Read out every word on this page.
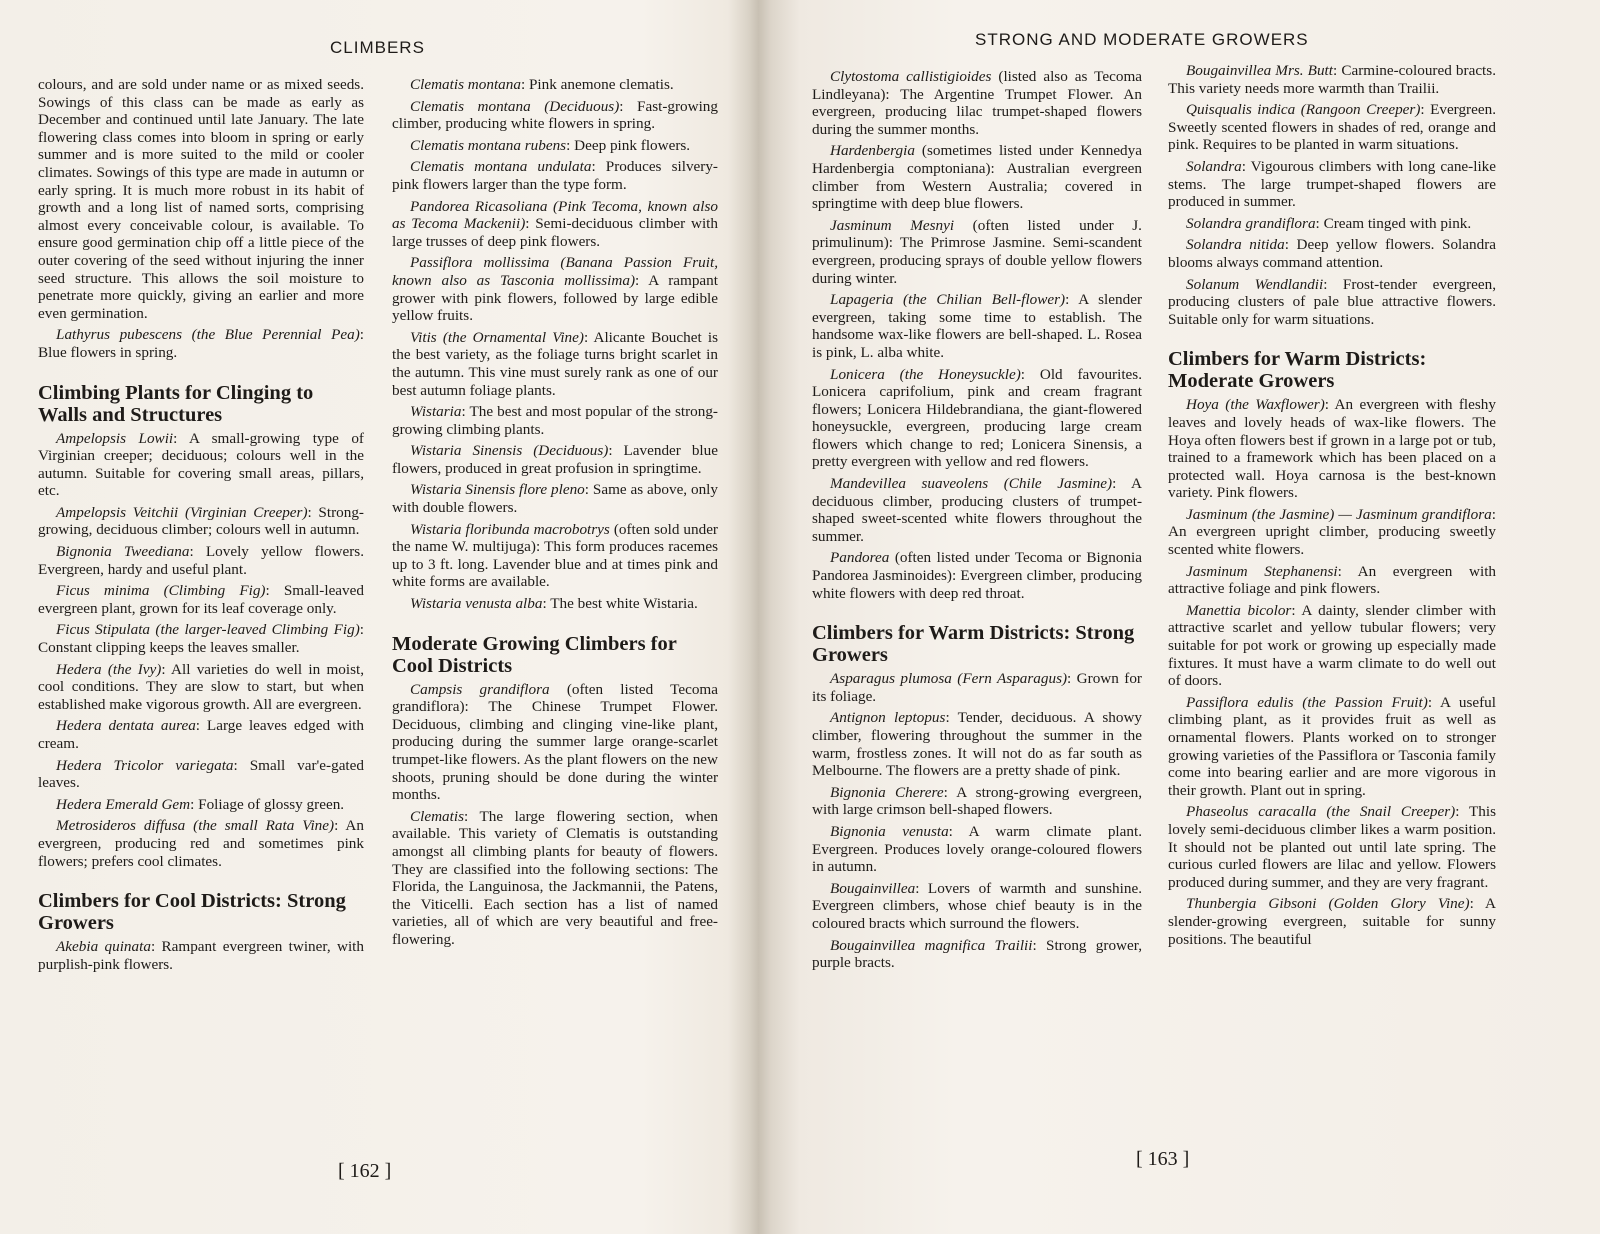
CLIMBERS	STRONG AND MODERATE GROWERS

colours, and are sold under name or as mixed seeds. Sowings of this class can be made as early as December and continued until late January. The late flowering class comes into bloom in spring or early summer and is more suited to the mild or cooler climates. Sowings of this type are made in autumn or early spring. It is much more robust in its habit of growth and a long list of named sorts, comprising almost every conceivable colour, is available. To ensure good germination chip off a little piece of the outer covering of the seed without injuring the inner seed structure. This allows the soil moisture to penetrate more quickly, giving an earlier and more even germination.

Lathyrus pubescens (the Blue Perennial Pea): Blue flowers in spring.

Climbing Plants for Clinging to Walls and Structures

Ampelopsis Lowii: A small-growing type of Virginian creeper; deciduous; colours well in the autumn. Suitable for covering small areas, pillars, etc.

Ampelopsis Veitchii (Virginian Creeper): Strong-growing, deciduous climber; colours well in autumn.

Bignonia Tweediana: Lovely yellow flowers. Evergreen, hardy and useful plant.

Ficus minima (Climbing Fig): Small-leaved evergreen plant, grown for its leaf coverage only.

Ficus Stipulata (the larger-leaved Climbing Fig): Constant clipping keeps the leaves smaller.

Hedera (the Ivy): All varieties do well in moist, cool conditions. They are slow to start, but when established make vigorous growth. All are evergreen.

Hedera dentata aurea: Large leaves edged with cream.

Hedera Tricolor variegata: Small var'e-gated leaves.

Hedera Emerald Gem: Foliage of glossy green.

Metrosideros diffusa (the small Rata Vine): An evergreen, producing red and sometimes pink flowers; prefers cool climates.

Climbers for Cool Districts: Strong Growers

Akebia quinata: Rampant evergreen twiner, with purplish-pink flowers.

Clematis montana: Pink anemone clematis.

Clematis montana (Deciduous): Fast-growing climber, producing white flowers in spring.

Clematis montana rubens: Deep pink flowers.

Clematis montana undulata: Produces silvery-pink flowers larger than the type form.

Pandorea Ricasoliana (Pink Tecoma, known also as Tecoma Mackenii): Semi-deciduous climber with large trusses of deep pink flowers.

Passiflora mollissima (Banana Passion Fruit, known also as Tasconia mollissima): A rampant grower with pink flowers, followed by large edible yellow fruits.

Vitis (the Ornamental Vine): Alicante Bouchet is the best variety, as the foliage turns bright scarlet in the autumn. This vine must surely rank as one of our best autumn foliage plants.

Wistaria: The best and most popular of the strong-growing climbing plants.

Wistaria Sinensis (Deciduous): Lavender blue flowers, produced in great profusion in springtime.

Wistaria Sinensis flore pleno: Same as above, only with double flowers.

Wistaria floribunda macrobotrys (often sold under the name W. multijuga): This form produces racemes up to 3 ft. long. Lavender blue and at times pink and white forms are available.

Wistaria venusta alba: The best white Wistaria.

Moderate Growing Climbers for Cool Districts

Campsis grandiflora (often listed Tecoma grandiflora): The Chinese Trumpet Flower. Deciduous, climbing and clinging vine-like plant, producing during the summer large orange-scarlet trumpet-like flowers. As the plant flowers on the new shoots, pruning should be done during the winter months.

Clematis: The large flowering section, when available. This variety of Clematis is outstanding amongst all climbing plants for beauty of flowers. They are classified into the following sections: The Florida, the Languinosa, the Jackmannii, the Patens, the Viticelli. Each section has a list of named varieties, all of which are very beautiful and free-flowering.

Clytostoma callistigioides (listed also as Tecoma Lindleyana): The Argentine Trumpet Flower. An evergreen, producing lilac trumpet-shaped flowers during the summer months.

Hardenbergia (sometimes listed under Kennedya Hardenbergia comptoniana): Australian evergreen climber from Western Australia; covered in springtime with deep blue flowers.

Jasminum Mesnyi (often listed under J. primulinum): The Primrose Jasmine. Semi-scandent evergreen, producing sprays of double yellow flowers during winter.

Lapageria (the Chilian Bell-flower): A slender evergreen, taking some time to establish. The handsome wax-like flowers are bell-shaped. L. Rosea is pink, L. alba white.

Lonicera (the Honeysuckle): Old favourites. Lonicera caprifolium, pink and cream fragrant flowers; Lonicera Hildebrandiana, the giant-flowered honeysuckle, evergreen, producing large cream flowers which change to red; Lonicera Sinensis, a pretty evergreen with yellow and red flowers.

Mandevillea suaveolens (Chile Jasmine): A deciduous climber, producing clusters of trumpet-shaped sweet-scented white flowers throughout the summer.

Pandorea (often listed under Tecoma or Bignonia Pandorea Jasminoides): Evergreen climber, producing white flowers with deep red throat.

Climbers for Warm Districts: Strong Growers

Asparagus plumosa (Fern Asparagus): Grown for its foliage.

Antignon leptopus: Tender, deciduous. A showy climber, flowering throughout the summer in the warm, frostless zones. It will not do as far south as Melbourne. The flowers are a pretty shade of pink.

Bignonia Cherere: A strong-growing evergreen, with large crimson bell-shaped flowers.

Bignonia venusta: A warm climate plant. Evergreen. Produces lovely orange-coloured flowers in autumn.

Bougainvillea: Lovers of warmth and sunshine. Evergreen climbers, whose chief beauty is in the coloured bracts which surround the flowers.

Bougainvillea magnifica Trailii: Strong grower, purple bracts.

Bougainvillea Mrs. Butt: Carmine-coloured bracts. This variety needs more warmth than Trailii.

Quisqualis indica (Rangoon Creeper): Evergreen. Sweetly scented flowers in shades of red, orange and pink. Requires to be planted in warm situations.

Solandra: Vigourous climbers with long cane-like stems. The large trumpet-shaped flowers are produced in summer.

Solandra grandiflora: Cream tinged with pink.

Solandra nitida: Deep yellow flowers. Solandra blooms always command attention.

Solanum Wendlandii: Frost-tender evergreen, producing clusters of pale blue attractive flowers. Suitable only for warm situations.

Climbers for Warm Districts: Moderate Growers

Hoya (the Waxflower): An evergreen with fleshy leaves and lovely heads of wax-like flowers. The Hoya often flowers best if grown in a large pot or tub, trained to a framework which has been placed on a protected wall. Hoya carnosa is the best-known variety. Pink flowers.

Jasminum (the Jasmine) — Jasminum grandiflora: An evergreen upright climber, producing sweetly scented white flowers.

Jasminum Stephanensi: An evergreen with attractive foliage and pink flowers.

Manettia bicolor: A dainty, slender climber with attractive scarlet and yellow tubular flowers; very suitable for pot work or growing up especially made fixtures. It must have a warm climate to do well out of doors.

Passiflora edulis (the Passion Fruit): A useful climbing plant, as it provides fruit as well as ornamental flowers. Plants worked on to stronger growing varieties of the Passiflora or Tasconia family come into bearing earlier and are more vigorous in their growth. Plant out in spring.

Phaseolus caracalla (the Snail Creeper): This lovely semi-deciduous climber likes a warm position. It should not be planted out until late spring. The curious curled flowers are lilac and yellow. Flowers produced during summer, and they are very fragrant.

Thunbergia Gibsoni (Golden Glory Vine): A slender-growing evergreen, suitable for sunny positions. The beautiful

[ 162 ]
[ 163 ]
